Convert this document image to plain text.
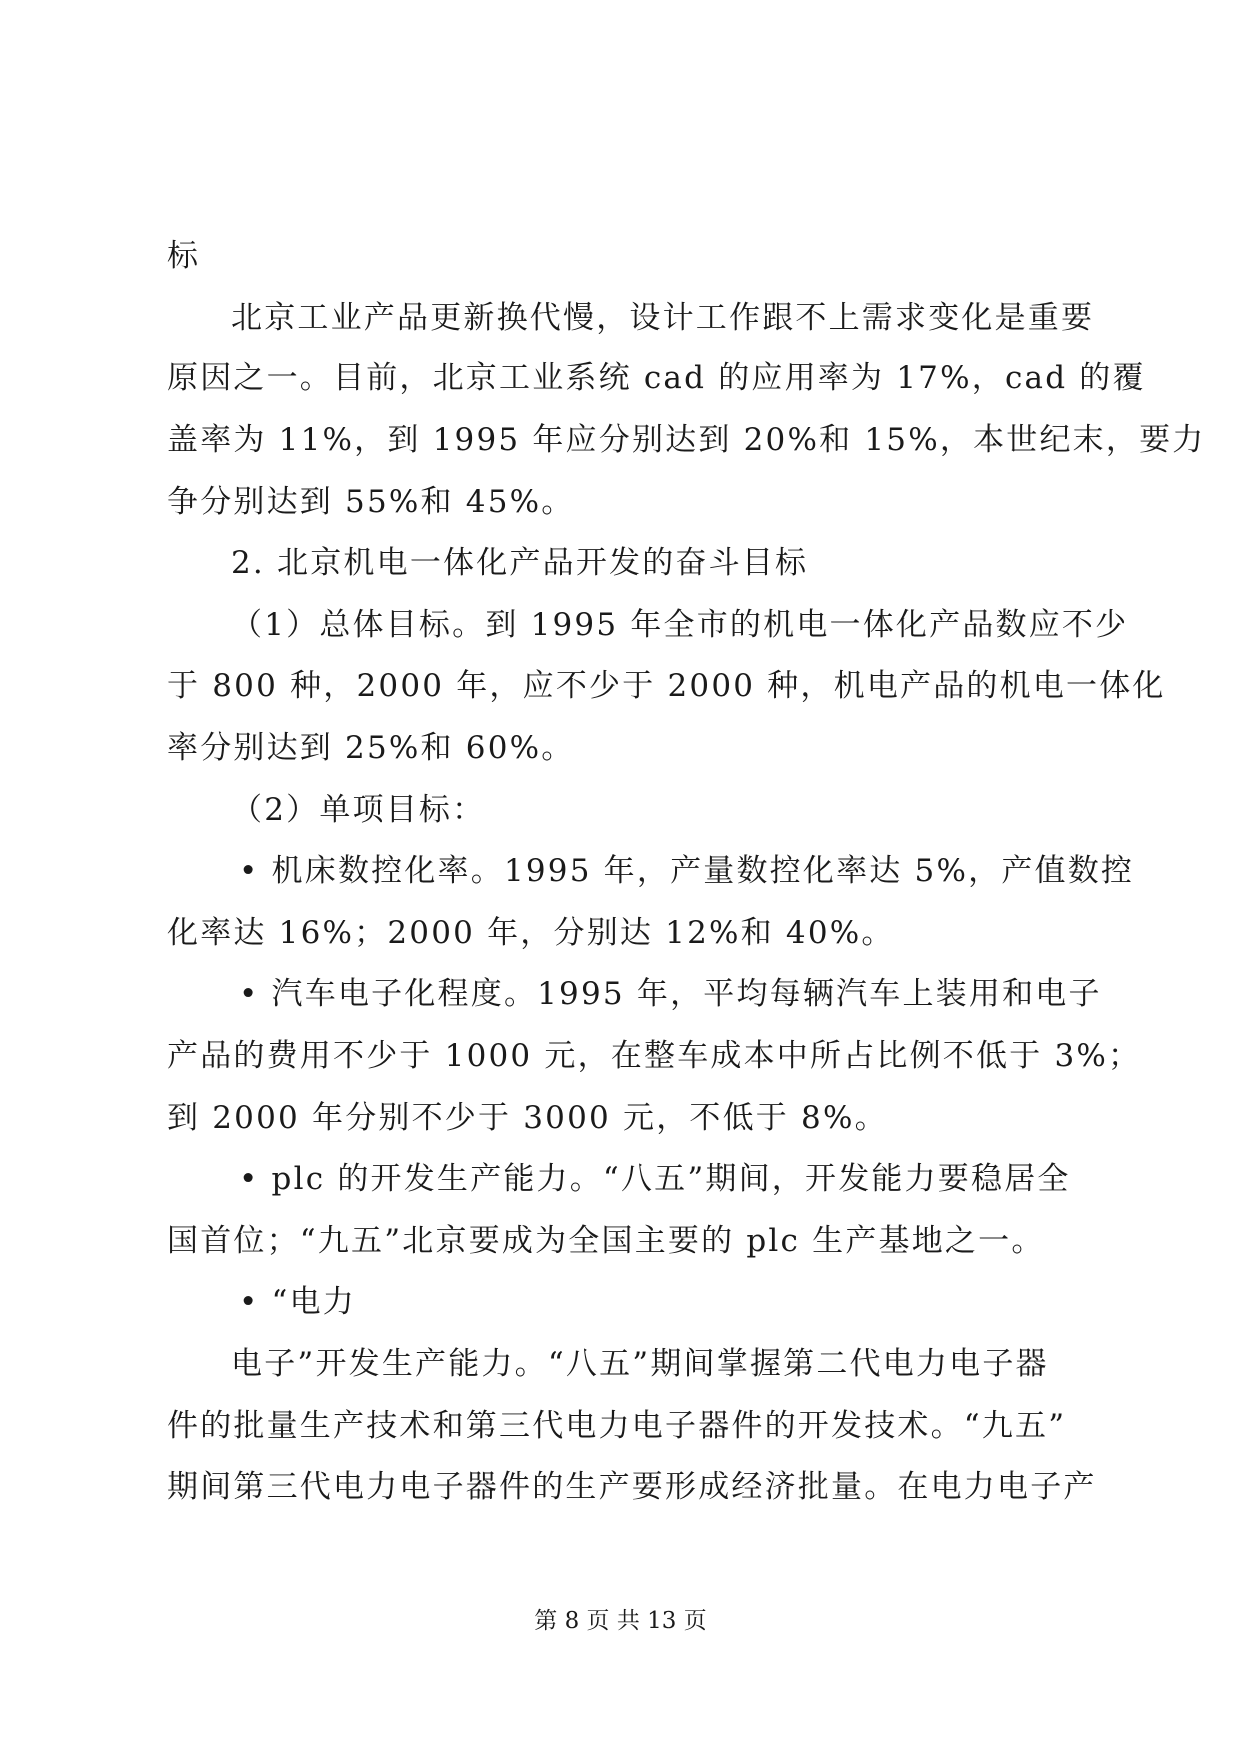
标

北京工业产品更新换代慢，设计工作跟不上需求变化是重要

原因之一。目前，北京工业系统 cad 的应用率为 17%，cad 的覆

盖率为 11%，到 1995 年应分别达到 20%和 15%，本世纪末，要力

争分别达到 55%和 45%。

2. 北京机电一体化产品开发的奋斗目标

（1）总体目标。到 1995 年全市的机电一体化产品数应不少

于 800 种，2000 年，应不少于 2000 种，机电产品的机电一体化

率分别达到 25%和 60%。

（2）单项目标：

• 机床数控化率。1995 年，产量数控化率达 5%，产值数控

化率达 16%；2000 年，分别达 12%和 40%。

• 汽车电子化程度。1995 年，平均每辆汽车上装用和电子

产品的费用不少于 1000 元，在整车成本中所占比例不低于 3%；

到 2000 年分别不少于 3000 元，不低于 8%。

• plc 的开发生产能力。“八五”期间，开发能力要稳居全

国首位；“九五”北京要成为全国主要的 plc 生产基地之一。

• “电力

电子”开发生产能力。“八五”期间掌握第二代电力电子器

件的批量生产技术和第三代电力电子器件的开发技术。“九五”

期间第三代电力电子器件的生产要形成经济批量。在电力电子产

第 8 页 共 13 页
